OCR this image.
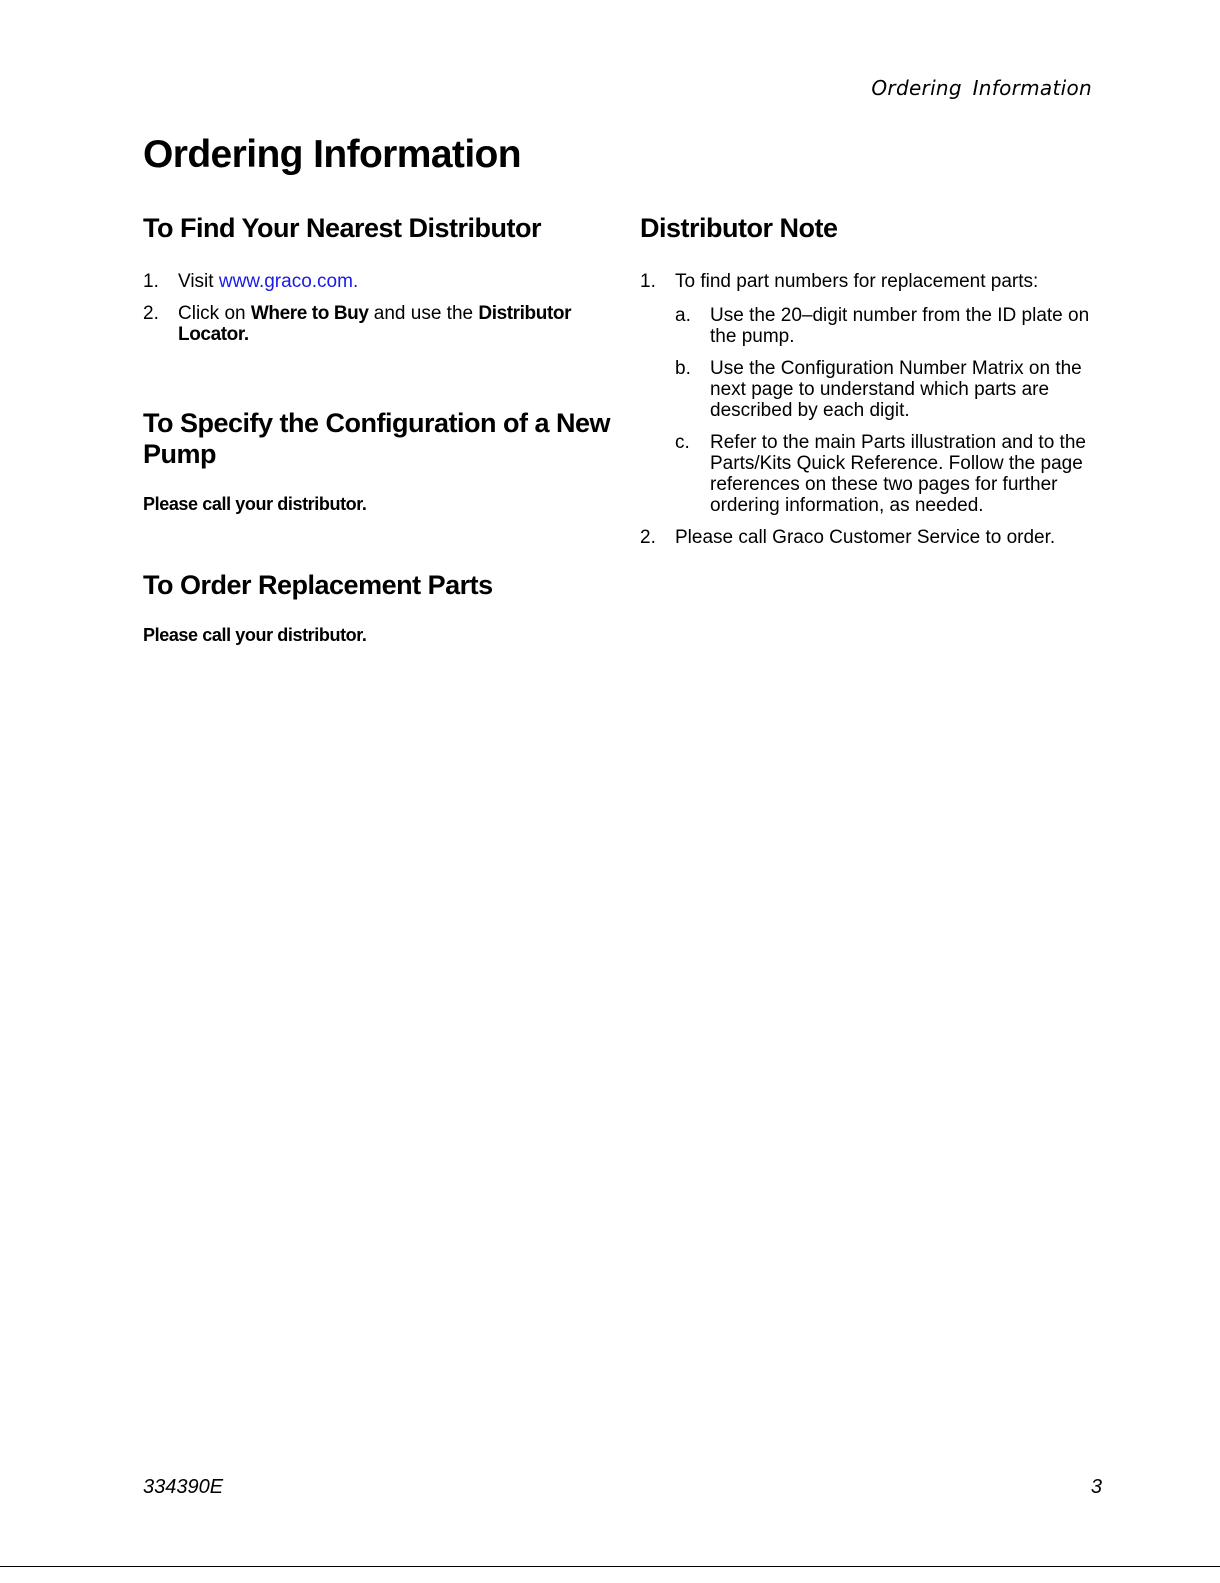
Ordering Information
Ordering Information
To Find Your Nearest Distributor
1. Visit www.graco.com.
2. Click on Where to Buy and use the Distributor Locator.
To Specify the Configuration of a New Pump

Please call your distributor.

To Order Replacement Parts

Please call your distributor.

Distributor Note
1. To find part numbers for replacement parts:
a. Use the 20–digit number from the ID plate on the pump.
b. Use the Configuration Number Matrix on the next page to understand which parts are described by each digit.
c. Refer to the main Parts illustration and to the Parts/Kits Quick Reference. Follow the page references on these two pages for further ordering information, as needed.
2. Please call Graco Customer Service to order.
334390E	3
